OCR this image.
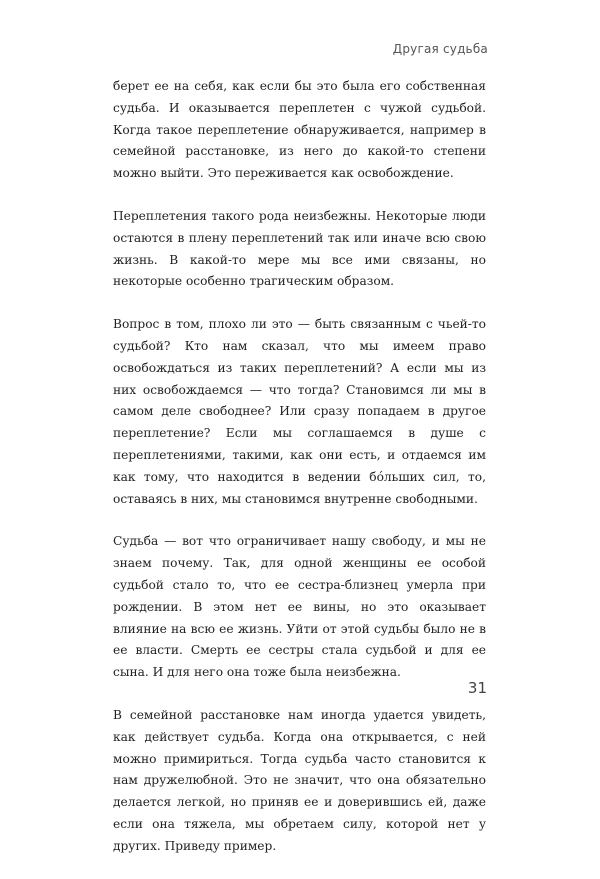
Другая судьба

берет ее на себя, как если бы это была его собственная судьба. И оказывается переплетен с чужой судьбой. Когда такое переплетение обнаруживается, например в семейной расстановке, из него до какой-то степени можно выйти. Это переживается как освобождение.

Переплетения такого рода неизбежны. Некоторые люди остаются в плену переплетений так или иначе всю свою жизнь. В какой-то мере мы все ими связаны, но некоторые особенно трагическим образом.

Вопрос в том, плохо ли это — быть связанным с чьей-то судьбой? Кто нам сказал, что мы имеем право освобождаться из таких переплетений? А если мы из них освобождаемся — что тогда? Становимся ли мы в самом деле свободнее? Или сразу попадаем в другое переплетение? Если мы соглашаемся в душе с переплетениями, такими, как они есть, и отдаемся им как тому, что находится в ведении бóльших сил, то, оставаясь в них, мы становимся внутренне свободными.

Судьба — вот что ограничивает нашу свободу, и мы не знаем почему. Так, для одной женщины ее особой судьбой стало то, что ее сестра-близнец умерла при рождении. В этом нет ее вины, но это оказывает влияние на всю ее жизнь. Уйти от этой судьбы было не в ее власти. Смерть ее сестры стала судьбой и для ее сына. И для него она тоже была неизбежна.

В семейной расстановке нам иногда удается увидеть, как действует судьба. Когда она открывается, с ней можно примириться. Тогда судьба часто становится к нам дружелюбной. Это не значит, что она обязательно делается легкой, но приняв ее и доверившись ей, даже если она тяжела, мы обретаем силу, которой нет у других. Приведу пример.

31
